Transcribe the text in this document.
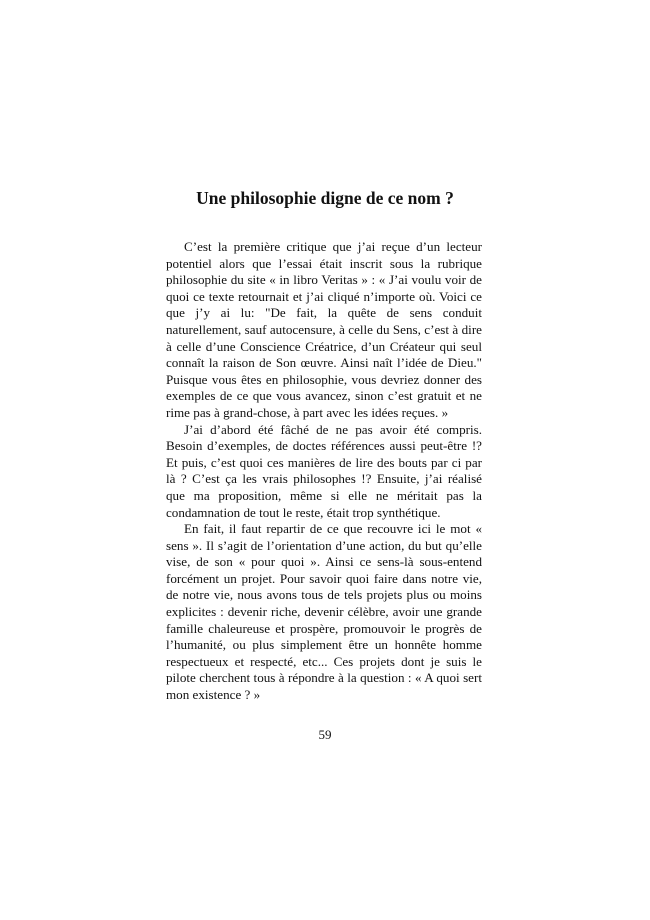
Une philosophie digne de ce nom ?

C’est la première critique que j’ai reçue d’un lecteur potentiel alors que l’essai était inscrit sous la rubrique philosophie du site « in libro Veritas » : « J’ai voulu voir de quoi ce texte retournait et j’ai cliqué n’importe où. Voici ce que j’y ai lu: "De fait, la quête de sens conduit naturellement, sauf autocensure, à celle du Sens, c’est à dire à celle d’une Conscience Créatrice, d’un Créateur qui seul connaît la raison de Son œuvre. Ainsi naît l’idée de Dieu." Puisque vous êtes en philosophie, vous devriez donner des exemples de ce que vous avancez, sinon c’est gratuit et ne rime pas à grand-chose, à part avec les idées reçues. »

J’ai d’abord été fâché de ne pas avoir été compris. Besoin d’exemples, de doctes références aussi peut-être !? Et puis, c’est quoi ces manières de lire des bouts par ci par là ? C’est ça les vrais philosophes !? Ensuite, j’ai réalisé que ma proposition, même si elle ne méritait pas la condamnation de tout le reste, était trop synthétique.

En fait, il faut repartir de ce que recouvre ici le mot « sens ». Il s’agit de l’orientation d’une action, du but qu’elle vise, de son « pour quoi ». Ainsi ce sens-là sous-entend forcément un projet. Pour savoir quoi faire dans notre vie, de notre vie, nous avons tous de tels projets plus ou moins explicites : devenir riche, devenir célèbre, avoir une grande famille chaleureuse et prospère, promouvoir le progrès de l’humanité, ou plus simplement être un honnête homme respectueux et respecté, etc... Ces projets dont je suis le pilote cherchent tous à répondre à la question : « A quoi sert mon existence ? »

59
